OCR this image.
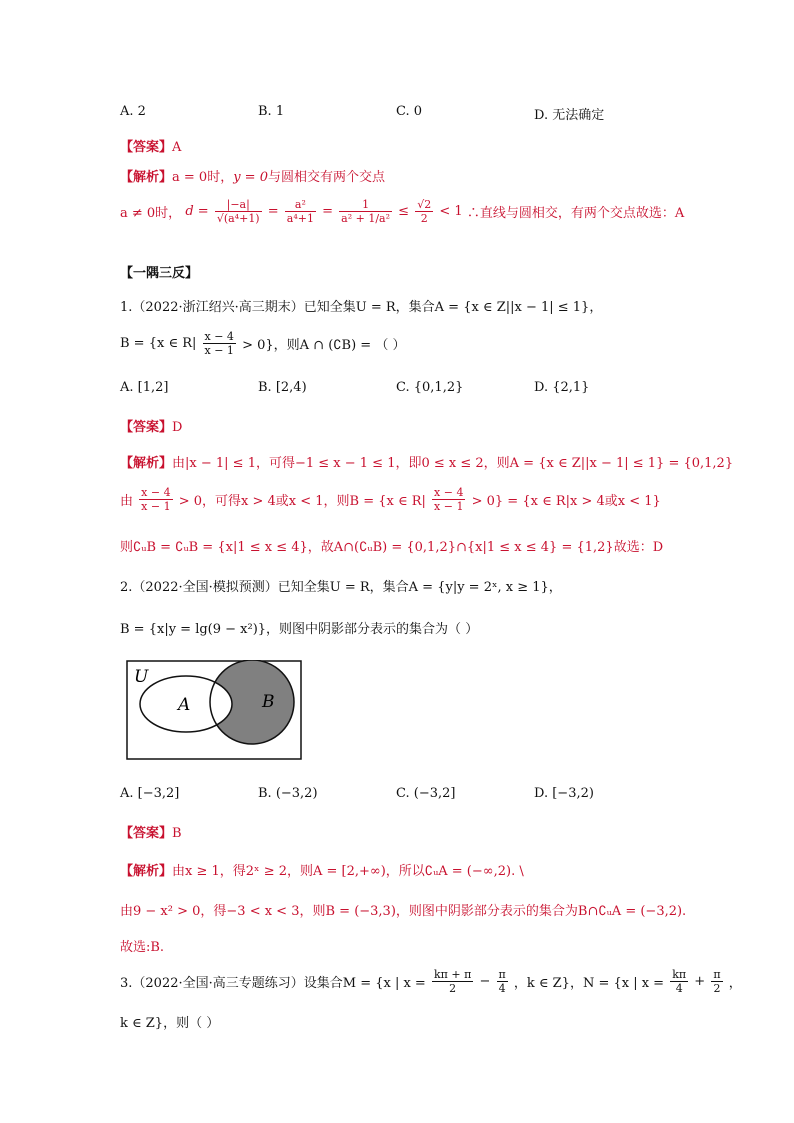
A. 2	B. 1	C. 0	D. 无法确定
【答案】A
【解析】a = 0时，y = 0与圆相交有两个交点
a ≠ 0时， $d = \frac{|-a|}{\text{√(a⁴+1)}} = \frac{\text{a²}}{\text{a⁴+1}} = \frac{1}{\text{a² + 1/a²}} \le \frac{√2}{2} < 1$ ∴直线与圆相交，有两个交点故选：A
【一隅三反】
1.（2022·浙江绍兴·高三期末）已知全集U = R，集合A = {x ∈ Z||x − 1| ≤ 1}，
B = {x ∈ $R| \frac{x - 4}{x - 1} > 0$}，则A ∩ (∁B) = （ ）
A. [1,2]	B. [2,4)	C. {0,1,2}	D. {2,1}
【答案】D
【解析】由|x − 1| ≤ 1，可得−1 ≤ x − 1 ≤ 1，即0 ≤ x ≤ 2，则A = {x ∈ Z||x − 1| ≤ 1} = {0,1,2}
由 $\frac{x - 4}{x - 1} > 0$，可得x > 4或x < 1，则B = {x ∈ $R| \frac{x - 4}{x - 1} > 0\} = \{x$ ∈ R|x > 4或x < 1}
则∁ᵤB = ∁ᵤB = {x|1 ≤ x ≤ 4}，故A∩(∁ᵤB) = {0,1,2}∩{x|1 ≤ x ≤ 4} = {1,2}故选：D
2.（2022·全国·模拟预测）已知全集U = R，集合A = {y|y = 2ˣ, x ≥ 1}，
B = {x|y = lg(9 − x²)}，则图中阴影部分表示的集合为（ ）
U
A	B
A. [−3,2]	B. (−3,2)	C. (−3,2]	D. [−3,2)
【答案】B
【解析】由x ≥ 1，得2ˣ ≥ 2，则A = [2,+∞)，所以∁ᵤA = (−∞,2). \
由9 − x² > 0，得−3 < x < 3，则B = (−3,3)，则图中阴影部分表示的集合为B∩∁ᵤA = (−3,2).
故选:B.
3.（2022·全国·高三专题练习）设集合M = {x | $x = \frac{k\pi + \pi}{2} - \frac{\pi}{4}$ ，k ∈ Z}，N = {x | $x = \frac{k\pi}{4} + \frac{\pi}{2}$ ，
k ∈ Z}，则（ ）
